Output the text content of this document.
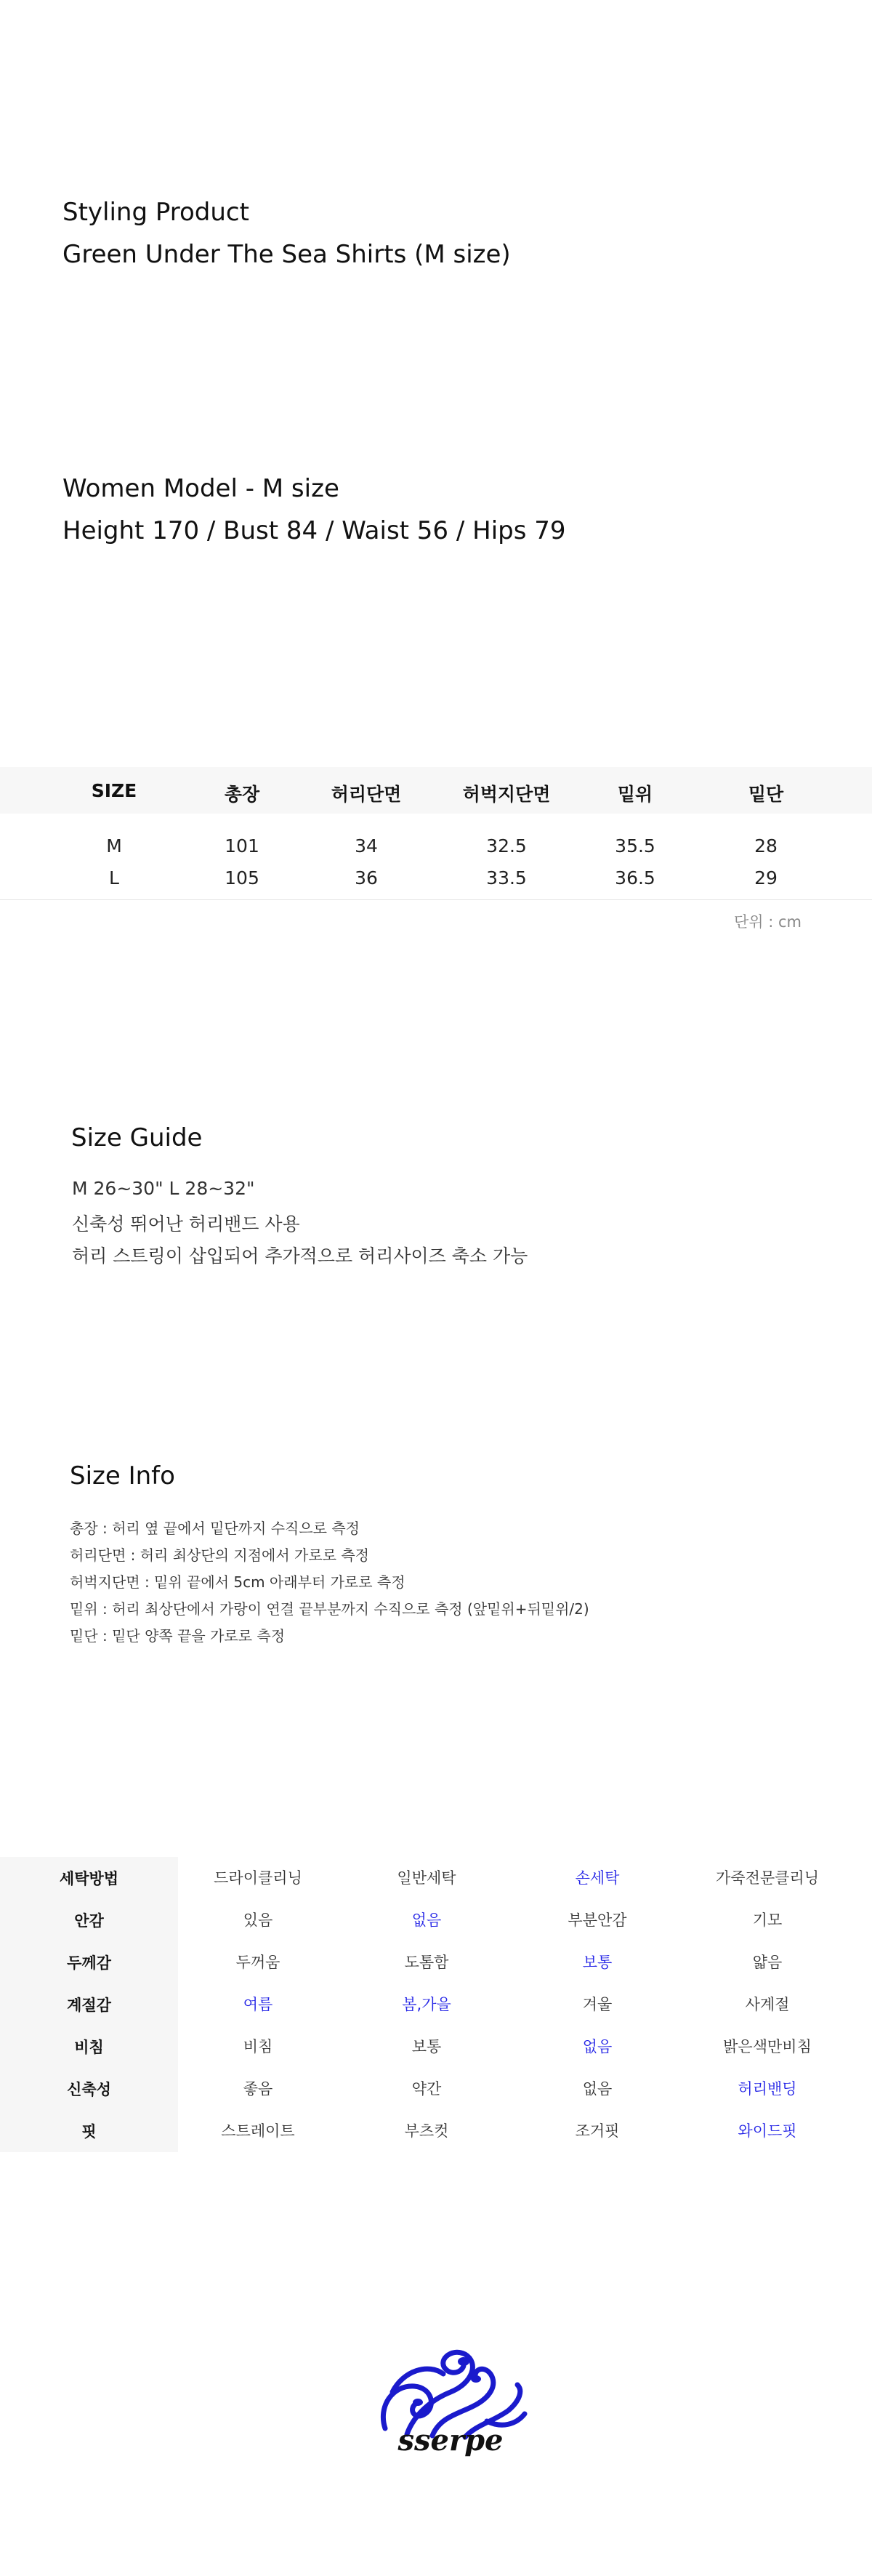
Styling Product
Green Under The Sea Shirts (M size)
Women Model - M size
Height 170 / Bust 84 / Waist 56 / Hips 79
SIZE	총장	허리단면	허벅지단면	밑위	밑단
M	101	34	32.5	35.5	28
L	105	36	33.5	36.5	29
단위 : cm
Size Guide
M 26~30" L 28~32"
신축성 뛰어난 허리밴드 사용
허리 스트링이 삽입되어 추가적으로 허리사이즈 축소 가능
Size Info
총장 : 허리 옆 끝에서 밑단까지 수직으로 측정
허리단면 : 허리 최상단의 지점에서 가로로 측정
허벅지단면 : 밑위 끝에서 5cm 아래부터 가로로 측정
밑위 : 허리 최상단에서 가랑이 연결 끝부분까지 수직으로 측정 (앞밑위+뒤밑위/2)
밑단 : 밑단 양쪽 끝을 가로로 측정
세탁방법	드라이클리닝	일반세탁	손세탁	가죽전문클리닝
안감	있음	없음	부분안감	기모
두께감	두꺼움	도톰함	보통	얇음
계절감	여름	봄,가을	겨울	사계절
비침	비침	보통	없음	밝은색만비침
신축성	좋음	약간	없음	허리밴딩
핏	스트레이트	부츠컷	조거핏	와이드핏
sserpe
